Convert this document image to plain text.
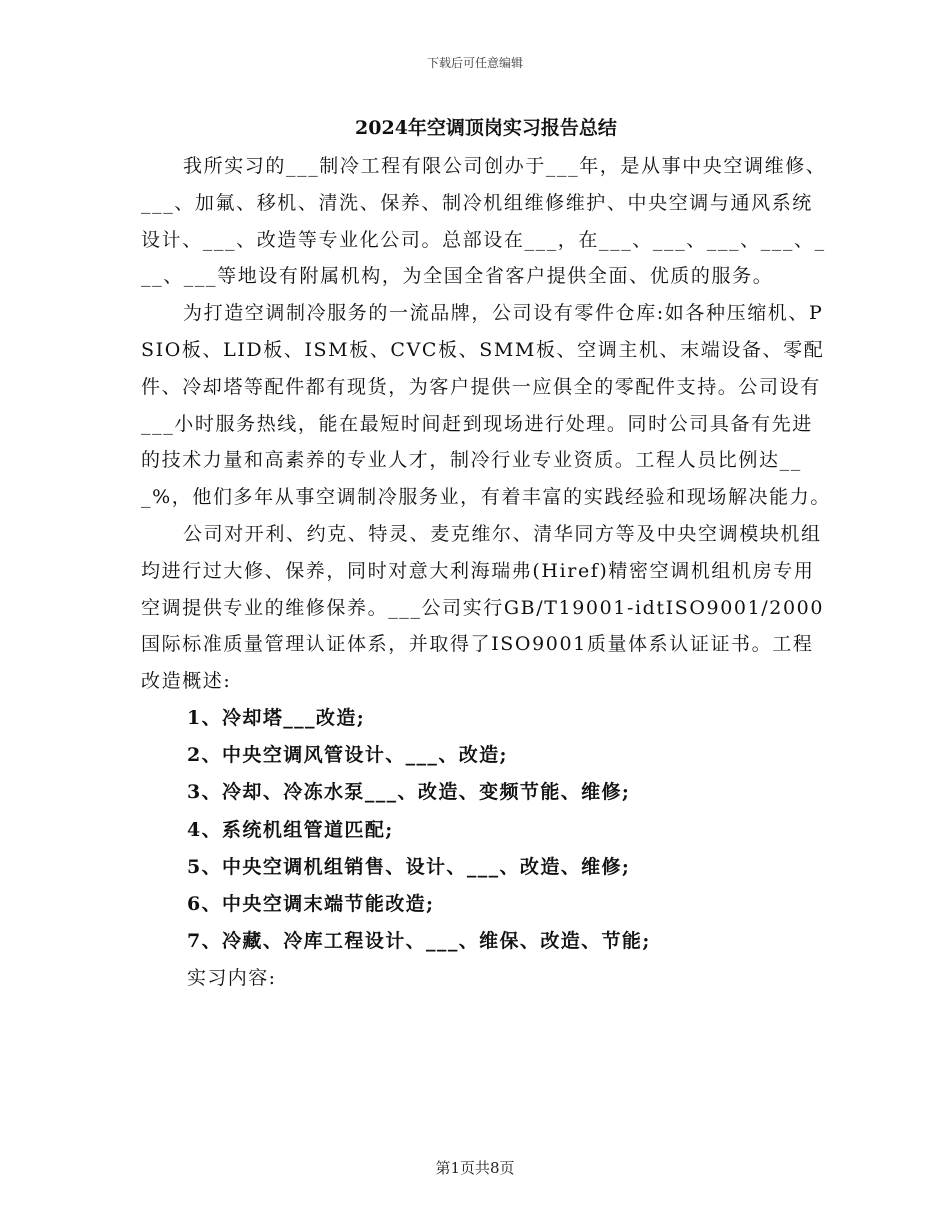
下载后可任意编辑
2024年空调顶岗实习报告总结

我所实习的___制冷工程有限公司创办于___年，是从事中央空调维修、___、加氟、移机、清洗、保养、制冷机组维修维护、中央空调与通风系统设计、___、改造等专业化公司。总部设在___，在___、___、___、___、___、___等地设有附属机构，为全国全省客户提供全面、优质的服务。

为打造空调制冷服务的一流品牌，公司设有零件仓库:如各种压缩机、PSIO板、LID板、ISM板、CVC板、SMM板、空调主机、末端设备、零配件、冷却塔等配件都有现货，为客户提供一应俱全的零配件支持。公司设有___小时服务热线，能在最短时间赶到现场进行处理。同时公司具备有先进的技术力量和高素养的专业人才，制冷行业专业资质。工程人员比例达___%，他们多年从事空调制冷服务业，有着丰富的实践经验和现场解决能力。

公司对开利、约克、特灵、麦克维尔、清华同方等及中央空调模块机组均进行过大修、保养，同时对意大利海瑞弗(Hiref)精密空调机组机房专用空调提供专业的维修保养。___公司实行GB/T19001-idtISO9001/2000国际标准质量管理认证体系，并取得了ISO9001质量体系认证证书。工程改造概述:

1、冷却塔___改造;

2、中央空调风管设计、___、改造;

3、冷却、冷冻水泵___、改造、变频节能、维修;

4、系统机组管道匹配;

5、中央空调机组销售、设计、___、改造、维修;

6、中央空调末端节能改造;

7、冷藏、冷库工程设计、___、维保、改造、节能;

实习内容:

第1页共8页
